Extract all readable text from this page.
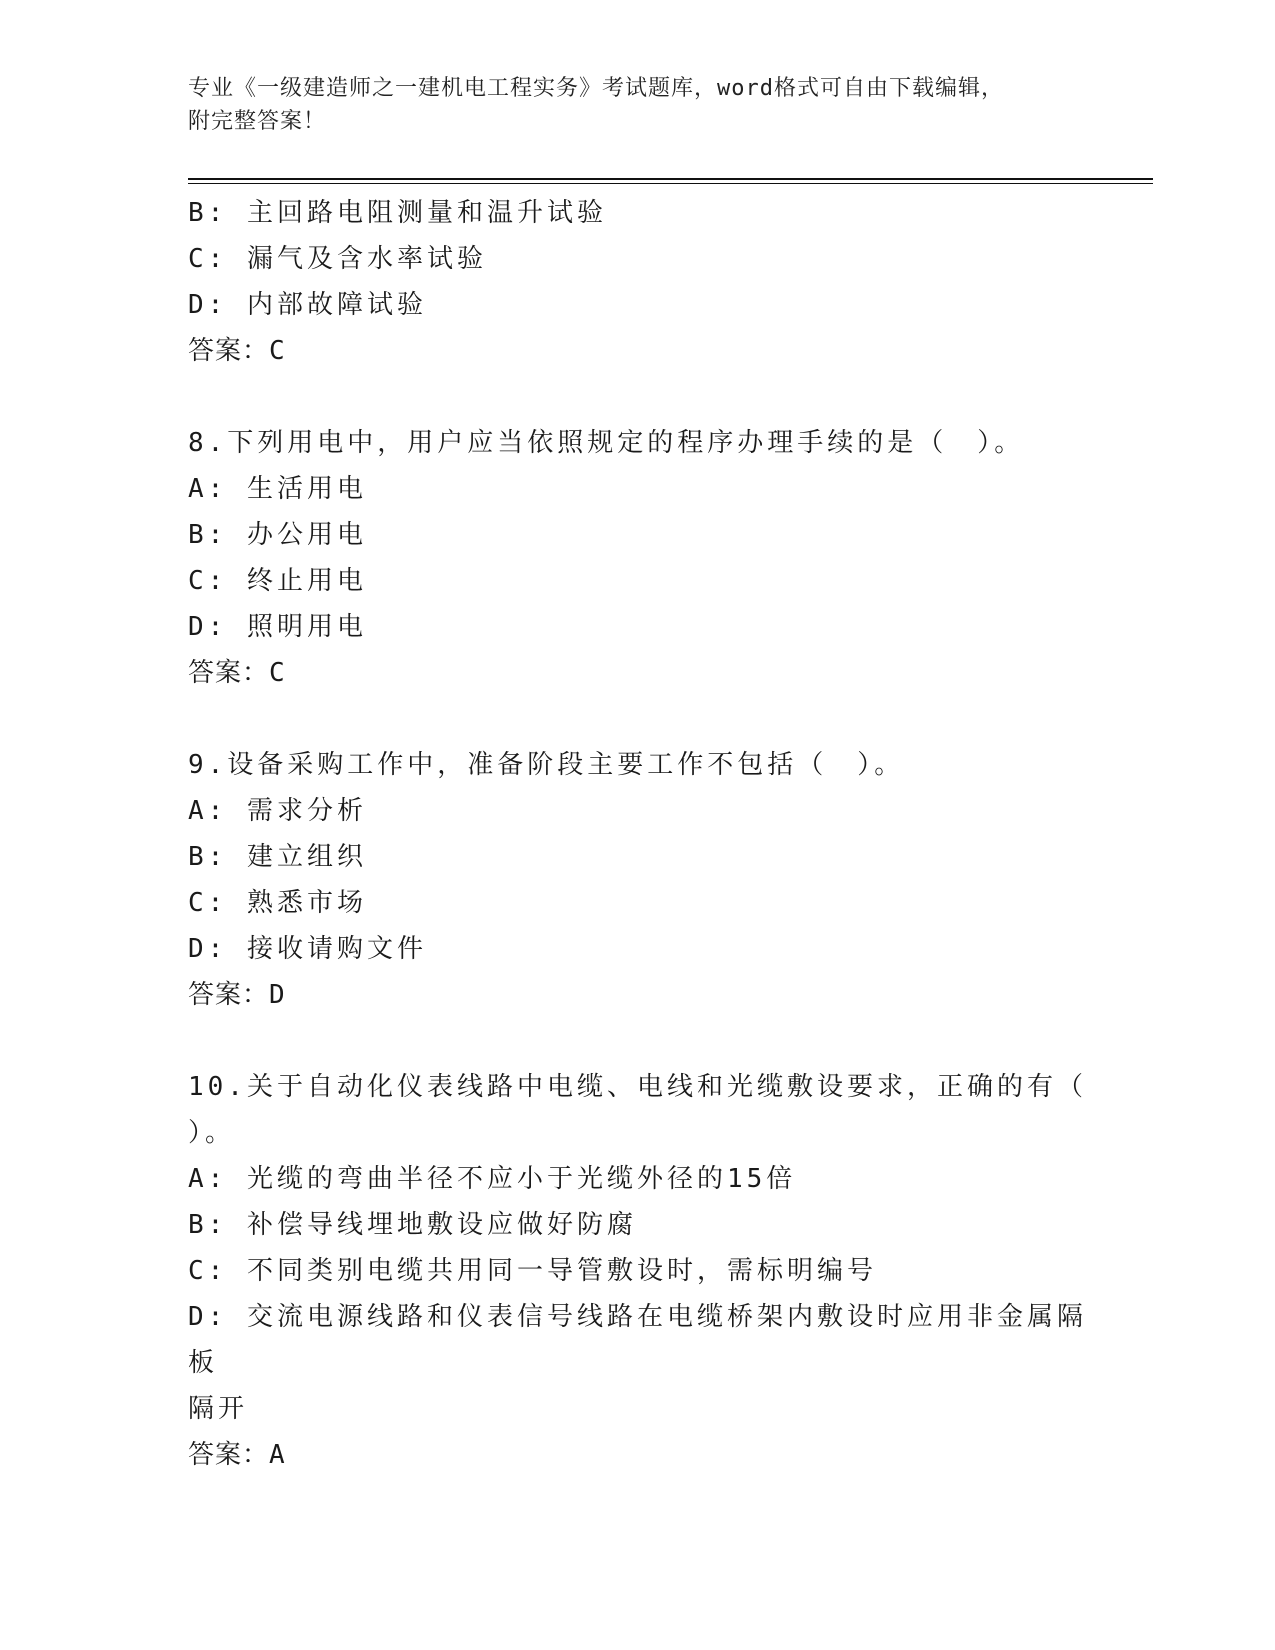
专业《一级建造师之一建机电工程实务》考试题库，word格式可自由下载编辑，
附完整答案！
B: 主回路电阻测量和温升试验
C: 漏气及含水率试验
D: 内部故障试验
答案：C
8.下列用电中，用户应当依照规定的程序办理手续的是（　）。
A: 生活用电
B: 办公用电
C: 终止用电
D: 照明用电
答案：C
9.设备采购工作中，准备阶段主要工作不包括（　）。
A: 需求分析
B: 建立组织
C: 熟悉市场
D: 接收请购文件
答案：D
10.关于自动化仪表线路中电缆、电线和光缆敷设要求，正确的有（
）。
A: 光缆的弯曲半径不应小于光缆外径的15倍
B: 补偿导线埋地敷设应做好防腐
C: 不同类别电缆共用同一导管敷设时，需标明编号
D: 交流电源线路和仪表信号线路在电缆桥架内敷设时应用非金属隔板
隔开
答案：A
